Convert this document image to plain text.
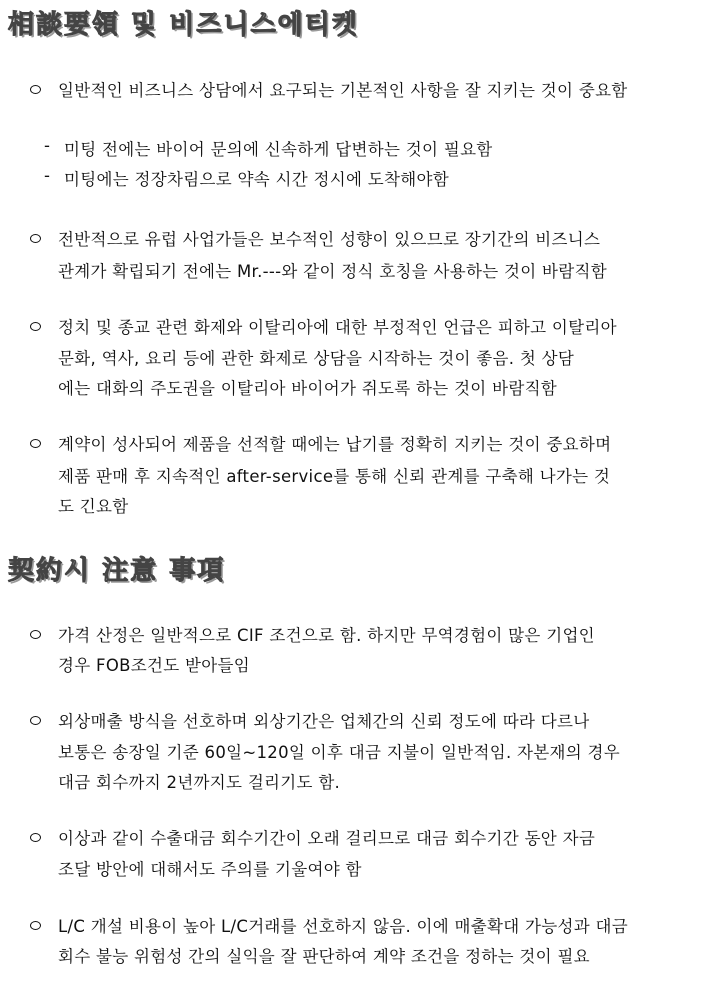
相談要領 및 비즈니스에티켓
일반적인 비즈니스 상담에서 요구되는 기본적인 사항을 잘 지키는 것이 중요함
- 미팅 전에는 바이어 문의에 신속하게 답변하는 것이 필요함
- 미팅에는 정장차림으로 약속 시간 정시에 도착해야함
전반적으로 유럽 사업가들은 보수적인 성향이 있으므로 장기간의 비즈니스
관계가 확립되기 전에는 Mr.---와 같이 정식 호칭을 사용하는 것이 바람직함
정치 및 종교 관련 화제와 이탈리아에 대한 부정적인 언급은 피하고 이탈리아
문화, 역사, 요리 등에 관한 화제로 상담을 시작하는 것이 좋음. 첫 상담
에는 대화의 주도권을 이탈리아 바이어가 쥐도록 하는 것이 바람직함
계약이 성사되어 제품을 선적할 때에는 납기를 정확히 지키는 것이 중요하며
제품 판매 후 지속적인 after-service를 통해 신뢰 관계를 구축해 나가는 것
도 긴요함
契約시 注意 事項
가격 산정은 일반적으로 CIF 조건으로 함. 하지만 무역경험이 많은 기업인
경우 FOB조건도 받아들임
외상매출 방식을 선호하며 외상기간은 업체간의 신뢰 정도에 따라 다르나
보통은 송장일 기준 60일~120일 이후 대금 지불이 일반적임. 자본재의 경우
대금 회수까지 2년까지도 걸리기도 함.
이상과 같이 수출대금 회수기간이 오래 걸리므로 대금 회수기간 동안 자금
조달 방안에 대해서도 주의를 기울여야 함
L/C 개설 비용이 높아 L/C거래를 선호하지 않음. 이에 매출확대 가능성과 대금
회수 불능 위험성 간의 실익을 잘 판단하여 계약 조건을 정하는 것이 필요
